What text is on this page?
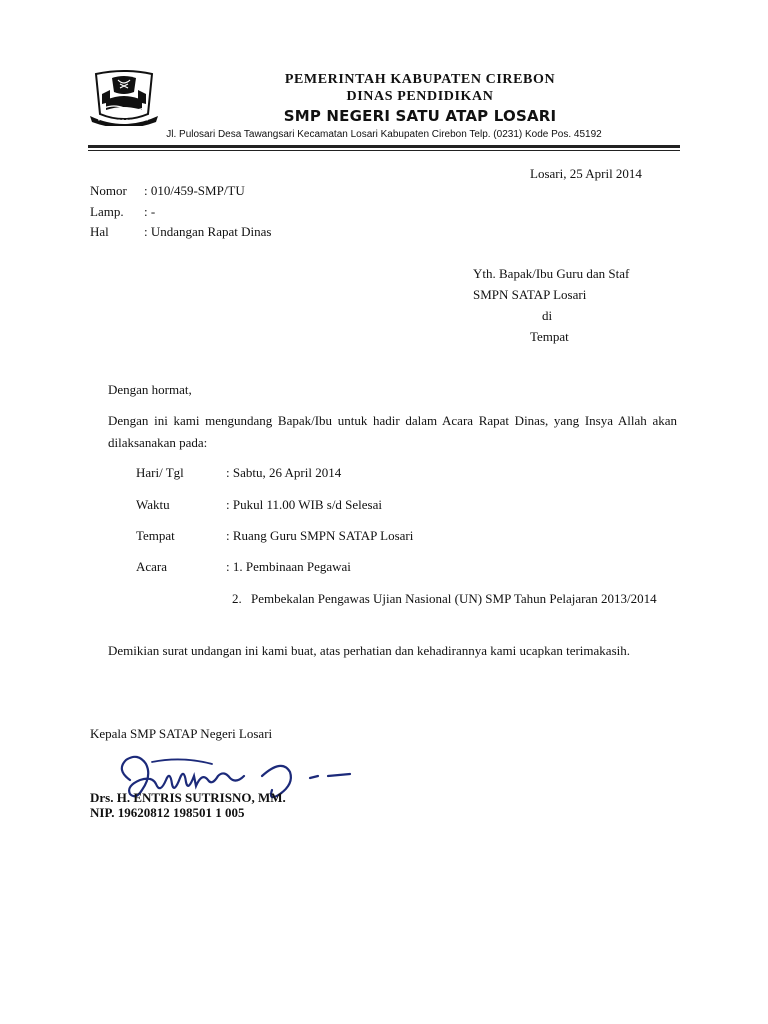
PEMERINTAH KABUPATEN CIREBON
DINAS PENDIDIKAN
SMP NEGERI SATU ATAP LOSARI
Jl. Pulosari Desa Tawangsari Kecamatan Losari Kabupaten Cirebon Telp. (0231) Kode Pos. 45192
Losari, 25 April 2014
Nomor : 010/459-SMP/TU
Lamp. : -
Hal	: Undangan Rapat Dinas
Yth. Bapak/Ibu Guru dan Staf
SMPN SATAP Losari
di
Tempat
Dengan hormat,
Dengan ini kami mengundang Bapak/Ibu untuk hadir dalam Acara Rapat Dinas, yang Insya Allah akan dilaksanakan pada:
Hari/ Tgl	: Sabtu, 26 April 2014
Waktu	: Pukul 11.00 WIB s/d Selesai
Tempat	: Ruang Guru SMPN SATAP Losari
Acara	: 1. Pembinaan Pegawai
2. Pembekalan Pengawas Ujian Nasional (UN) SMP Tahun Pelajaran 2013/2014
Demikian surat undangan ini kami buat, atas perhatian dan kehadirannya kami ucapkan terimakasih.
Kepala SMP SATAP Negeri Losari
Drs. H. ENTRIS SUTRISNO, MM.
NIP. 19620812 198501 1 005
